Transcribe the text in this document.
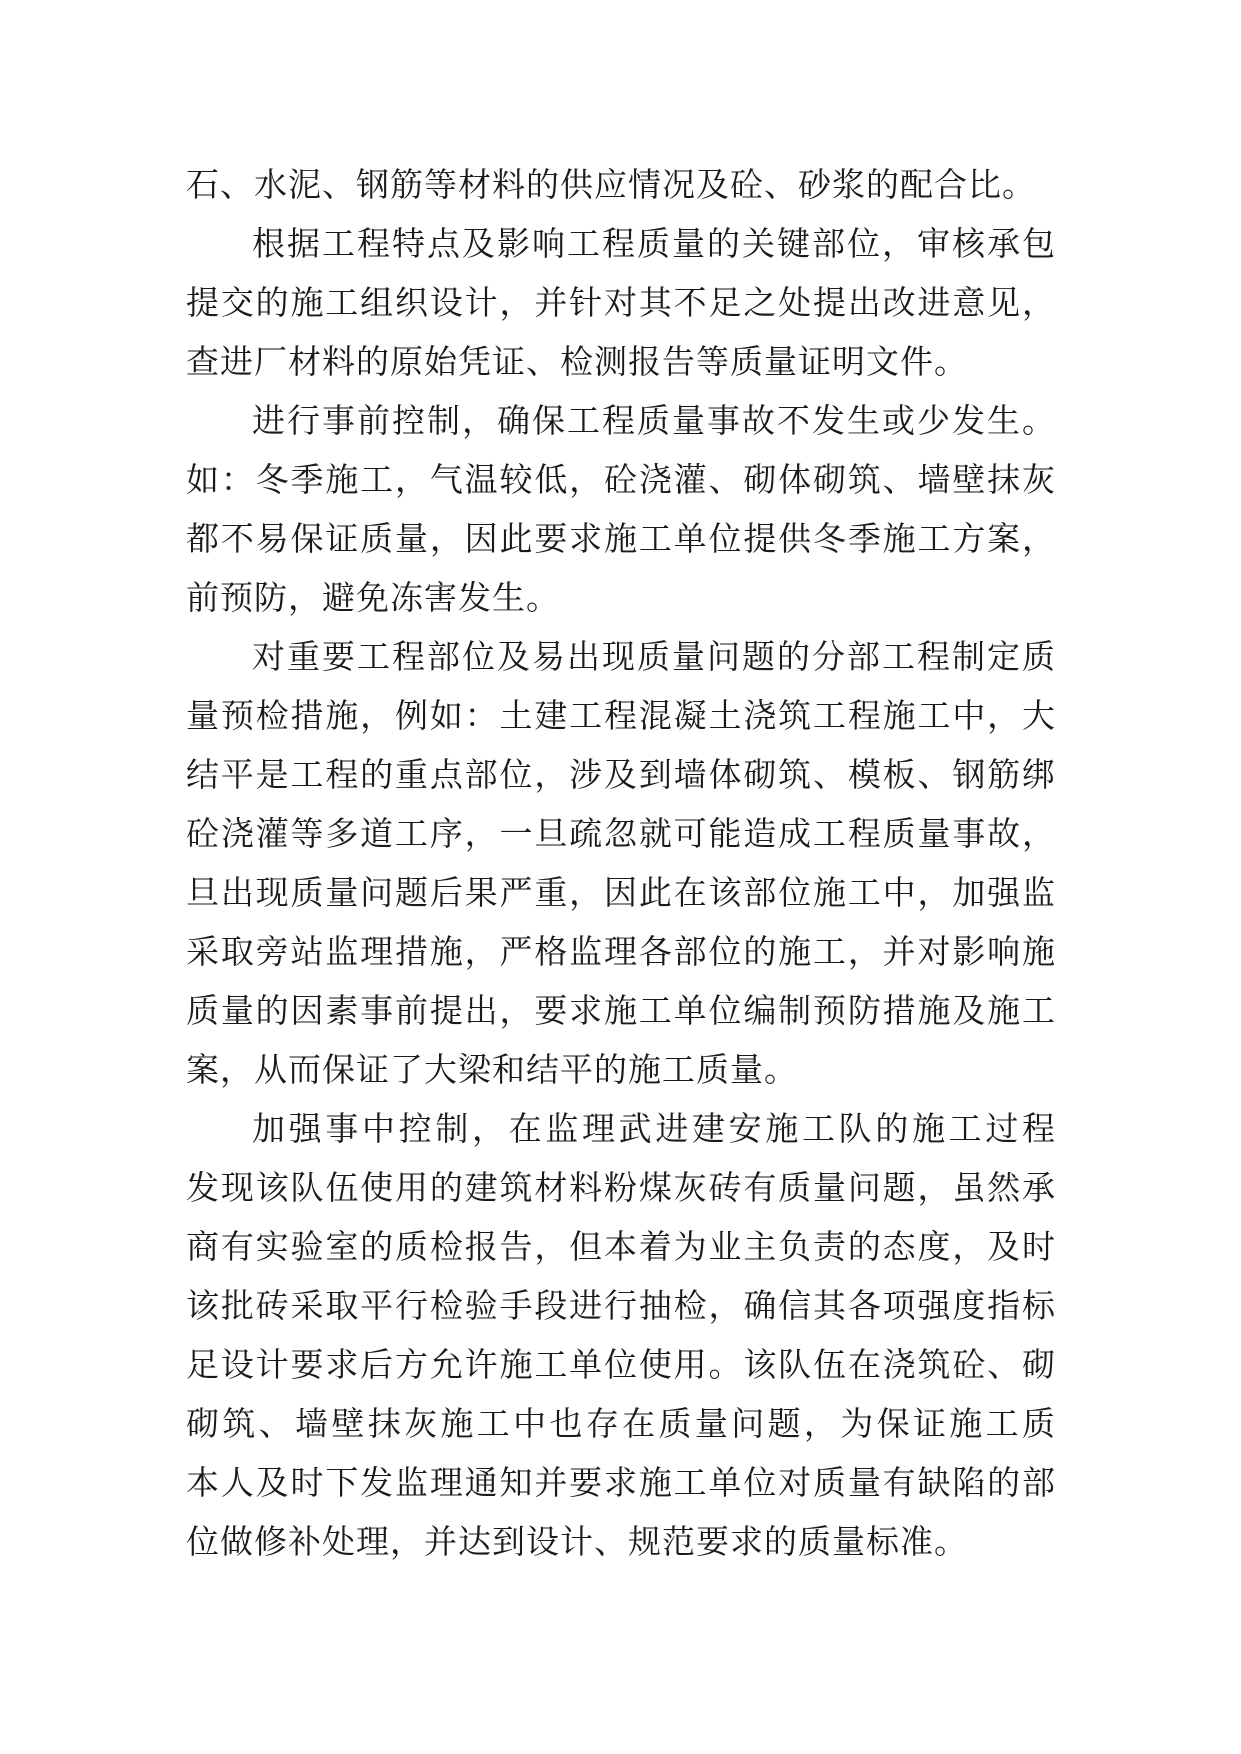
石、水泥、钢筋等材料的供应情况及砼、砂浆的配合比。
根据工程特点及影响工程质量的关键部位，审核承包
提交的施工组织设计，并针对其不足之处提出改进意见，
查进厂材料的原始凭证、检测报告等质量证明文件。
进行事前控制，确保工程质量事故不发生或少发生。
如：冬季施工，气温较低，砼浇灌、砌体砌筑、墙壁抹灰
都不易保证质量，因此要求施工单位提供冬季施工方案，
前预防，避免冻害发生。
对重要工程部位及易出现质量问题的分部工程制定质
量预检措施，例如：土建工程混凝土浇筑工程施工中，大
结平是工程的重点部位，涉及到墙体砌筑、模板、钢筋绑
砼浇灌等多道工序，一旦疏忽就可能造成工程质量事故，
旦出现质量问题后果严重，因此在该部位施工中，加强监
采取旁站监理措施，严格监理各部位的施工，并对影响施
质量的因素事前提出，要求施工单位编制预防措施及施工
案，从而保证了大梁和结平的施工质量。
加强事中控制，在监理武进建安施工队的施工过程
发现该队伍使用的建筑材料粉煤灰砖有质量问题，虽然承
商有实验室的质检报告，但本着为业主负责的态度，及时
该批砖采取平行检验手段进行抽检，确信其各项强度指标
足设计要求后方允许施工单位使用。该队伍在浇筑砼、砌
砌筑、墙壁抹灰施工中也存在质量问题，为保证施工质
本人及时下发监理通知并要求施工单位对质量有缺陷的部
位做修补处理，并达到设计、规范要求的质量标准。
